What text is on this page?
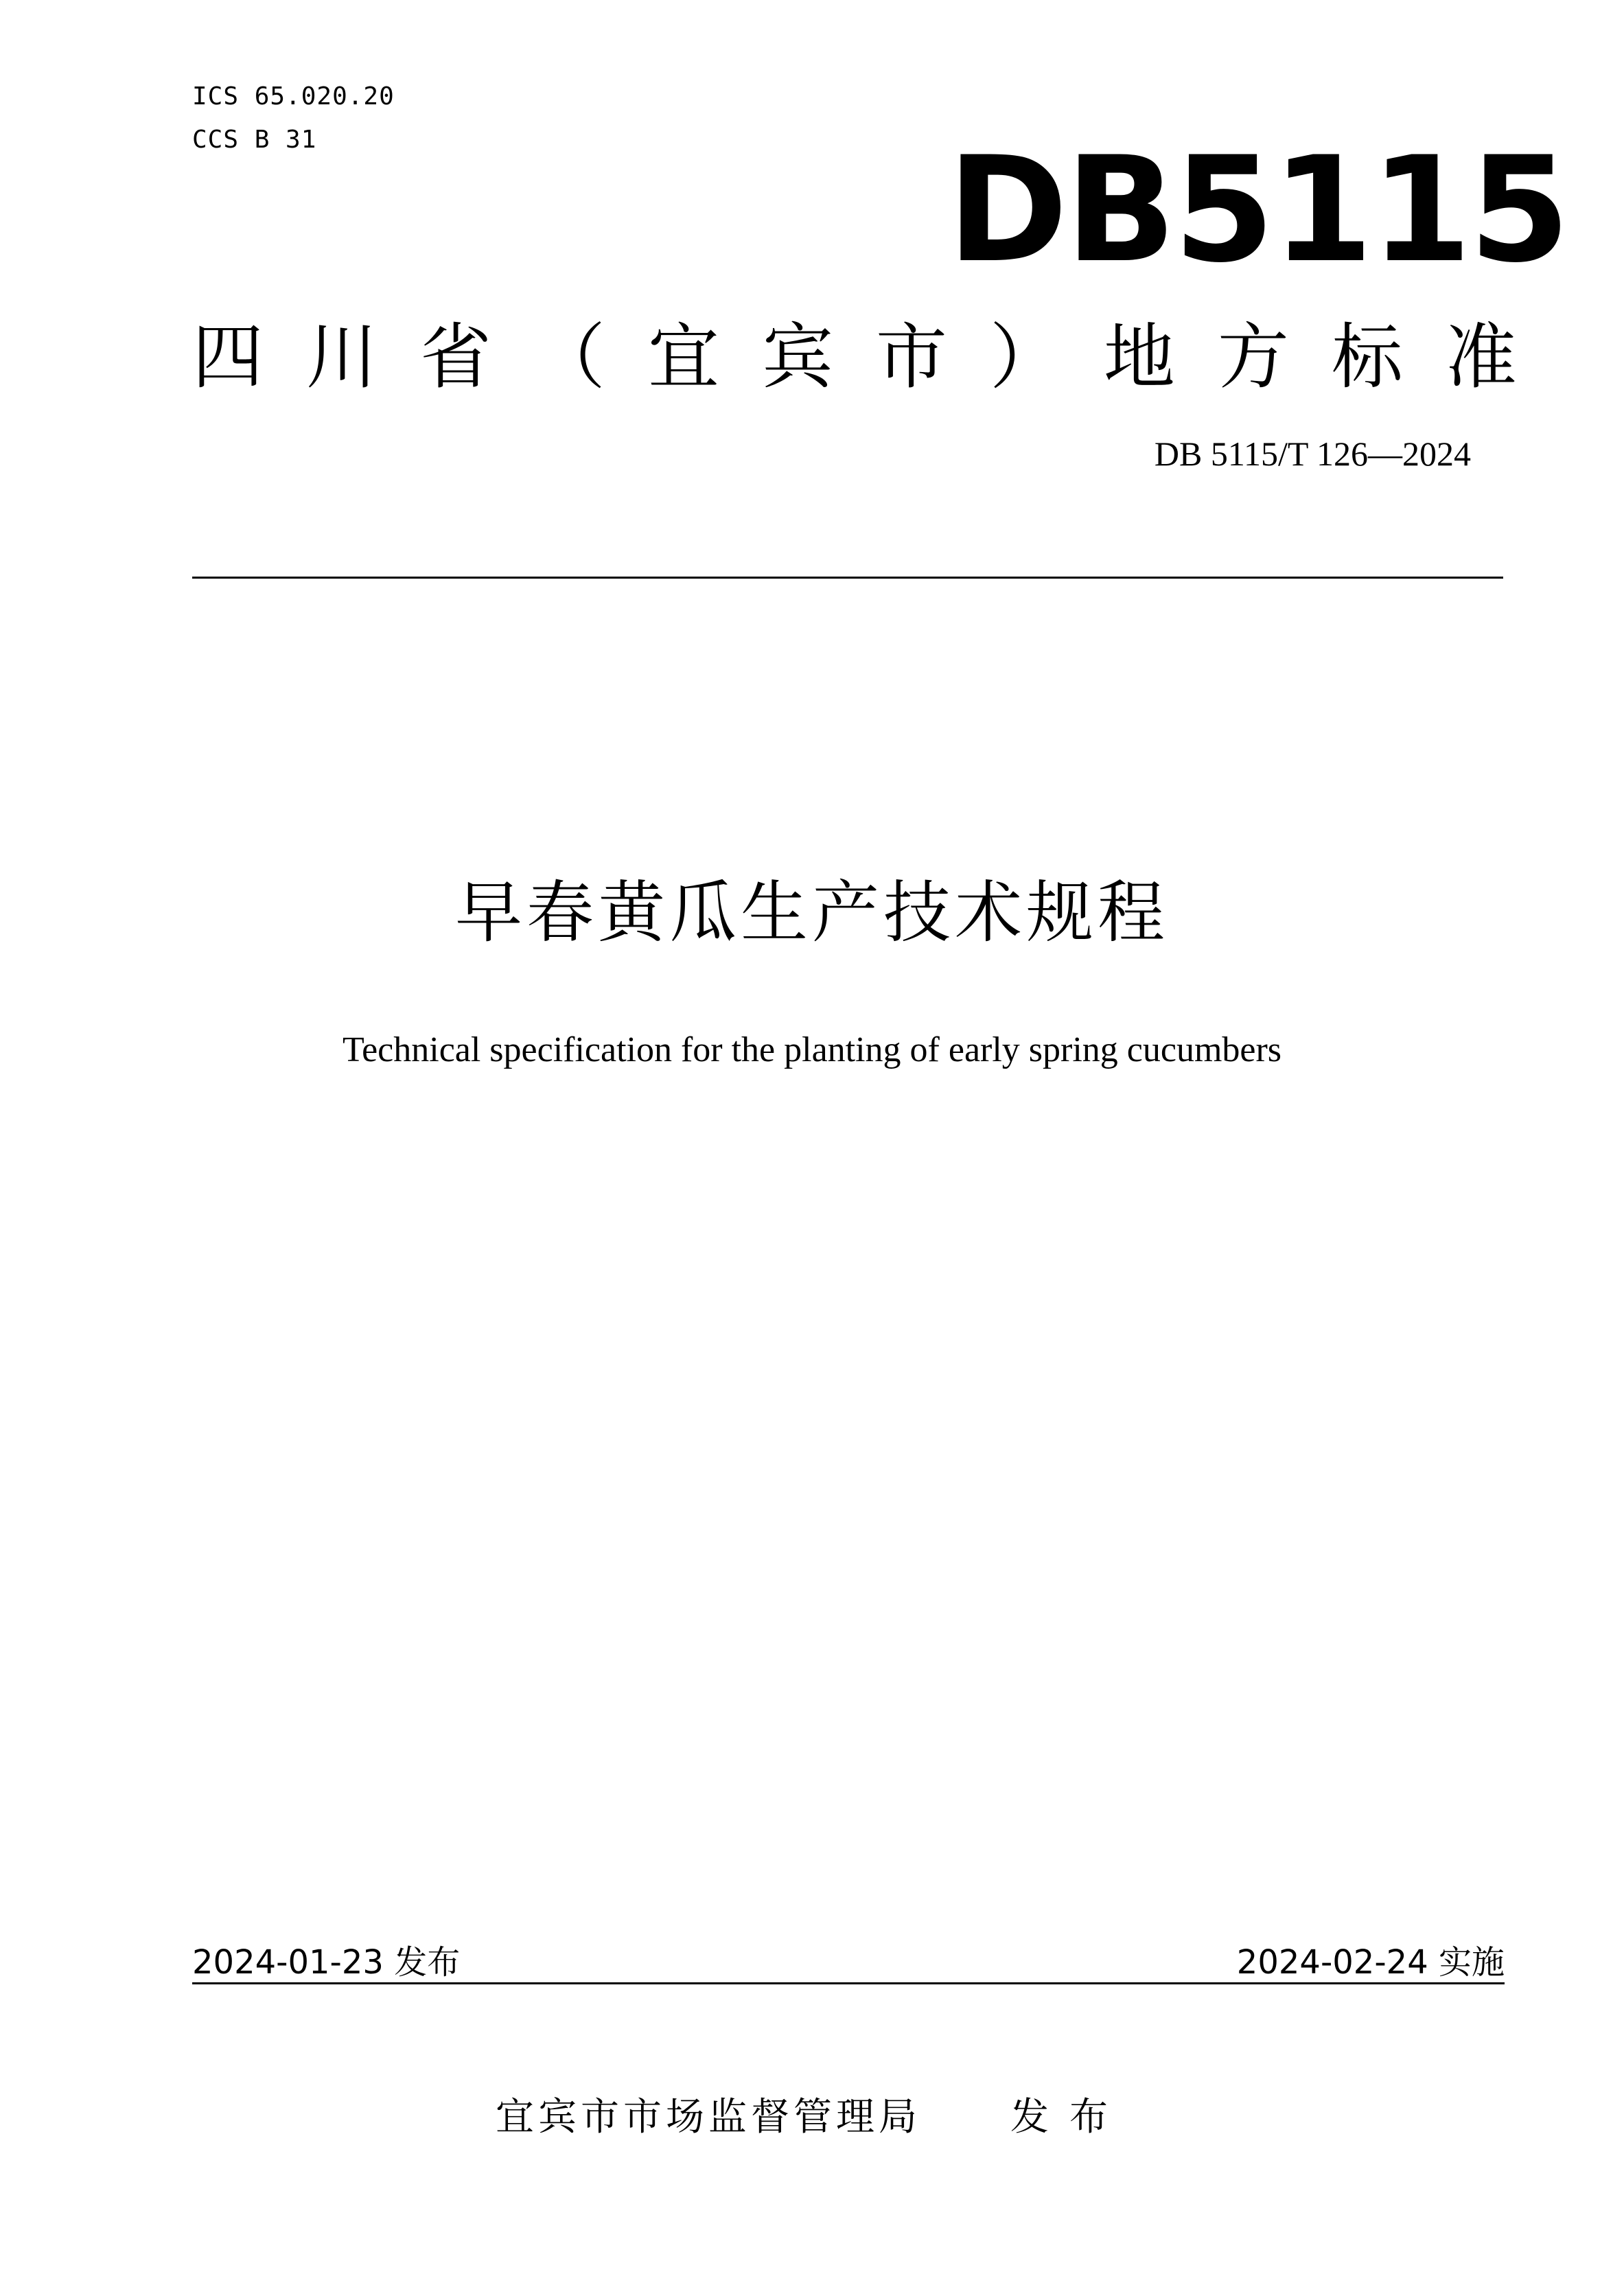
ICS 65.020.20
CCS B 31	DB5115
四 川 省 （ 宜 宾 市 ） 地 方 标 准
DB 5115/T 126—2024
早春黄瓜生产技术规程
Technical specification for the planting of early spring cucumbers
2024-01-23 发布	2024-02-24 实施
宜宾市市场监督管理局 发布
